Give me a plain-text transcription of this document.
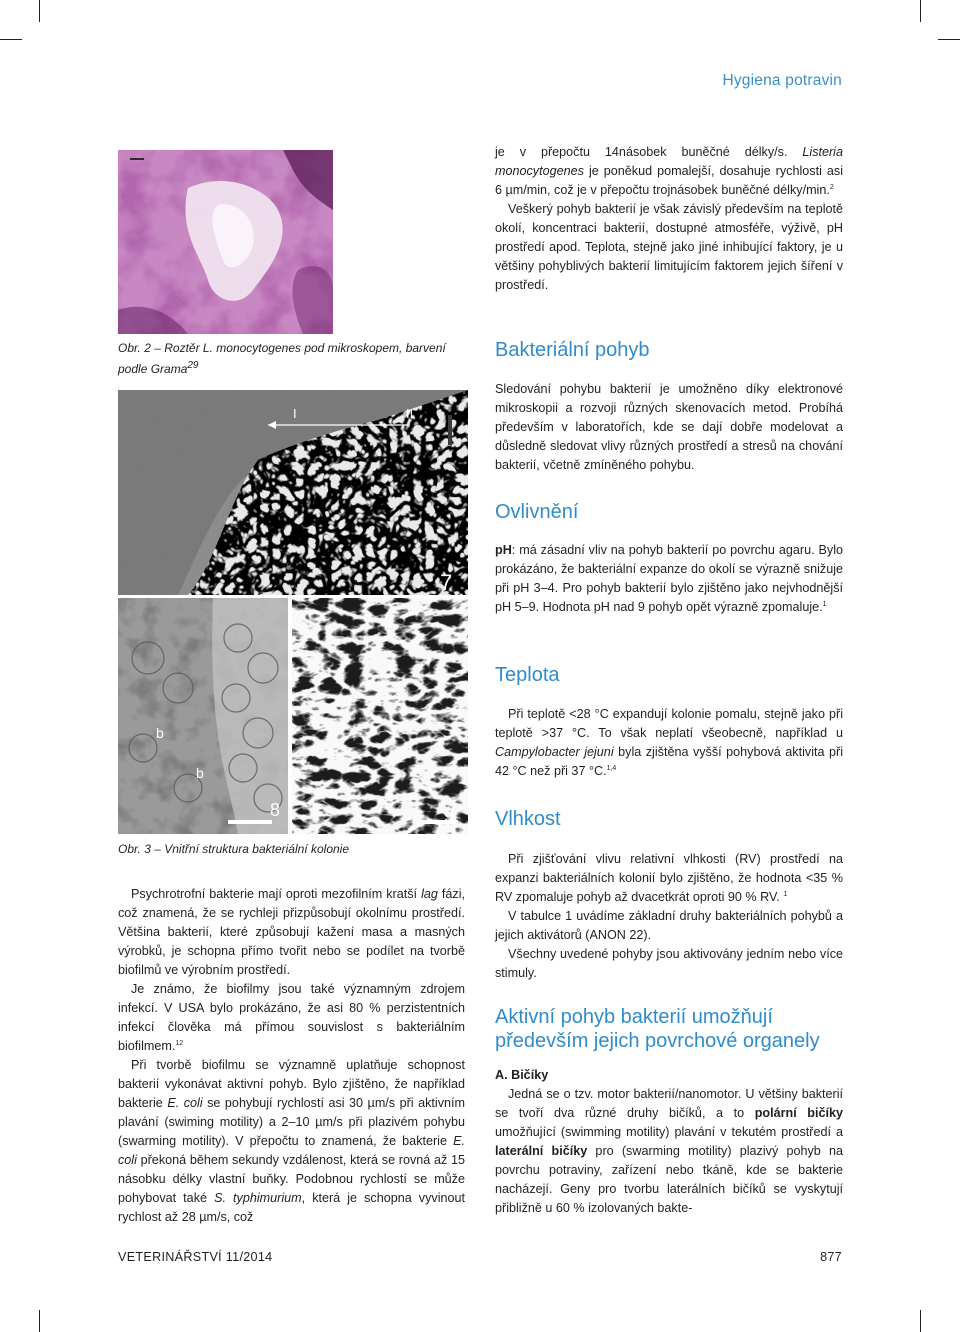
Hygiena potravin
Obr. 2 – Roztěr L. monocytogenes pod mikroskopem, barvení podle Grama$^{29}$
I	II
7
b
b
8	9
Obr. 3 – Vnitřní struktura bakteriální kolonie

Psychrotrofní bakterie mají oproti mezofilním kratší lag fázi, což znamená, že se rychleji přizpůsobují okolnímu prostředí. Většina bakterií, které způsobují kažení masa a masných výrobků, je schopna přímo tvořit nebo se podílet na tvorbě biofilmů ve výrobním prostředí.

Je známo, že biofilmy jsou také významným zdrojem infekcí. V USA bylo prokázáno, že asi 80 % perzistentních infekcí člověka má přímou souvislost s bakteriálním biofilmem.$^{12}$

Při tvorbě biofilmu se významně uplatňuje schopnost bakterií vykonávat aktivní pohyb. Bylo zjištěno, že například bakterie E. coli se pohybují rychlostí asi 30 µm/s při aktivním plavání (swiming motility) a 2–10 µm/s při plazivém pohybu (swarming motility). V přepočtu to znamená, že bakterie E. coli překoná během sekundy vzdálenost, která se rovná až 15 násobku délky vlastní buňky. Podobnou rychlostí se může pohybovat také S. typhimurium, která je schopna vyvinout rychlost až 28 µm/s, což

je v přepočtu 14násobek buněčné délky/s. Listeria monocytogenes je poněkud pomalejší, dosahuje rychlosti asi 6 µm/min, což je v přepočtu trojnásobek buněčné délky/min.$^2$

Veškerý pohyb bakterií je však závislý především na teplotě okolí, koncentraci bakterií, dostupné atmosféře, výživě, pH prostředí apod. Teplota, stejně jako jiné inhibující faktory, je u většiny pohyblivých bakterií limitujícím faktorem jejich šíření v prostředí.

Bakteriální pohyb

Sledování pohybu bakterií je umožněno díky elektronové mikroskopii a rozvoji různých skenovacích metod. Probíhá především v laboratořích, kde se dají dobře modelovat a důsledně sledovat vlivy různých prostředí a stresů na chování bakterií, včetně zmíněného pohybu.

Ovlivnění

pH: má zásadní vliv na pohyb bakterií po povrchu agaru. Bylo prokázáno, že bakteriální expanze do okolí se výrazně snižuje při pH 3–4. Pro pohyb bakterií bylo zjištěno jako nejvhodnější pH 5–9. Hodnota pH nad 9 pohyb opět výrazně zpomaluje.$^1$

Teplota

Při teplotě <28 °C expandují kolonie pomalu, stejně jako při teplotě >37 °C. To však neplatí všeobecně, například u Campylobacter jejuni byla zjištěna vyšší pohybová aktivita při 42 °C než při 37 °C.$^{1,4}$

Vlhkost

Při zjišťování vlivu relativní vlhkosti (RV) prostředí na expanzi bakteriálních kolonií bylo zjištěno, že hodnota <35 % RV zpomaluje pohyb až dvacetkrát oproti 90 % RV. $^1$

V tabulce 1 uvádíme základní druhy bakteriálních pohybů a jejich aktivátorů (ANON 22).

Všechny uvedené pohyby jsou aktivovány jedním nebo více stimuly.

Aktivní pohyb bakterií umožňují především jejich povrchové organely

A. Bičíky

Jedná se o tzv. motor bakterií/nanomotor. U většiny bakterií se tvoří dva různé druhy bičíků, a to polární bičíky umožňující (swimming motility) plavání v tekutém prostředí a laterální bičíky pro (swarming motility) plazivý pohyb na povrchu potraviny, zařízení nebo tkáně, kde se bakterie nacházejí. Geny pro tvorbu laterálních bičíků se vyskytují přibližně u 60 % izolovaných bakte-

VETERINÁŘSTVÍ 11/2014	877
